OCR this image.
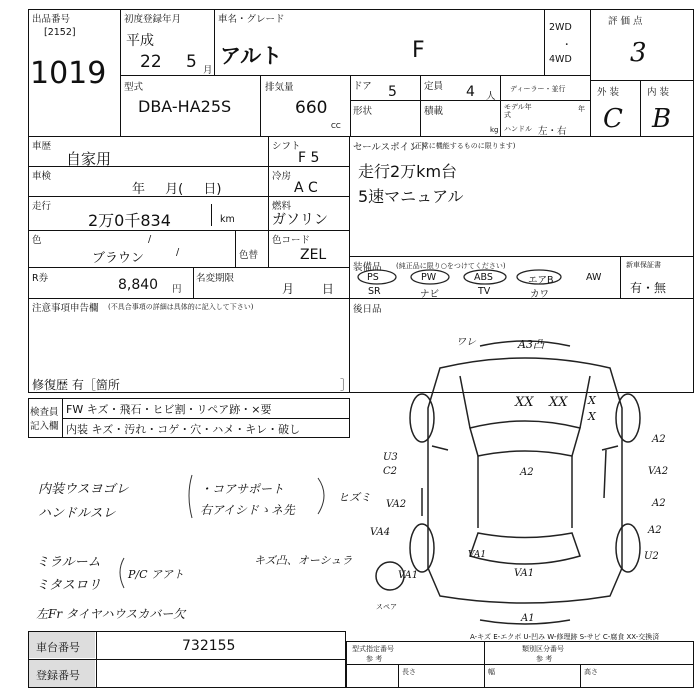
出品番号
[2152]
1019
初度登録年月
平成
22 5 月
車名・グレード
アルト	F
2WD
・
4WD
評 価 点
3
型式
DBA-HA25S
排気量
660
CC
ドア 5	定員 4 人
ディーラー・並行
形状	積載
kg
モデル年式
年
ハンドル 左・右
外 装	内 装
C B
車歴
自家用
シフト
F 5
車検
年 月( 日)
冷房
A C
走行
2万0千834	km
燃料
ガソリン
色	/
ブラウン	/	色替
色コード
ZEL
R券	8,840 円
名変期限
月 日
注意事項申告欄 (不具合事項の詳細は具体的に記入して下さい)
修復歴 有［箇所	］
セールスポイント
(正常に機能するものに限ります)
走行2万km台
5速マニュアル
装備品 (純正品に限り○をつけてください)
PS	PW	ABS	エアB	AW
SR	ナビ	TV	カワ
新車保証書
有・無
後日品
検査員
記入欄
FW キズ・飛石・ヒビ割・リペア跡・×要
内装 キズ・汚れ・コゲ・穴・ハメ・キレ・破し
内装ウスヨゴレ
ハンドルスレ
・コアサポート
右アイシドゝネ先
ヒズミ
ミラルーム
ミタスロリ
P/C アアト
キズ凸、オーシュラ
左Fr タイヤハウスカバー欠
ワレ	A3凸
XX XX X
X
U3
C2	A2
A2
VA2
VA2	A2
VA1
VA4	A2
U2
VA1
VA1
スペア
A1
A-キズ E-エクボ U-凹み W-修理跡 S-サビ C-腐食 XX-交換済
車台番号	732155
登録番号
型式指定番号
参 考
類別区分番号
参 考
長さ	幅	高さ
